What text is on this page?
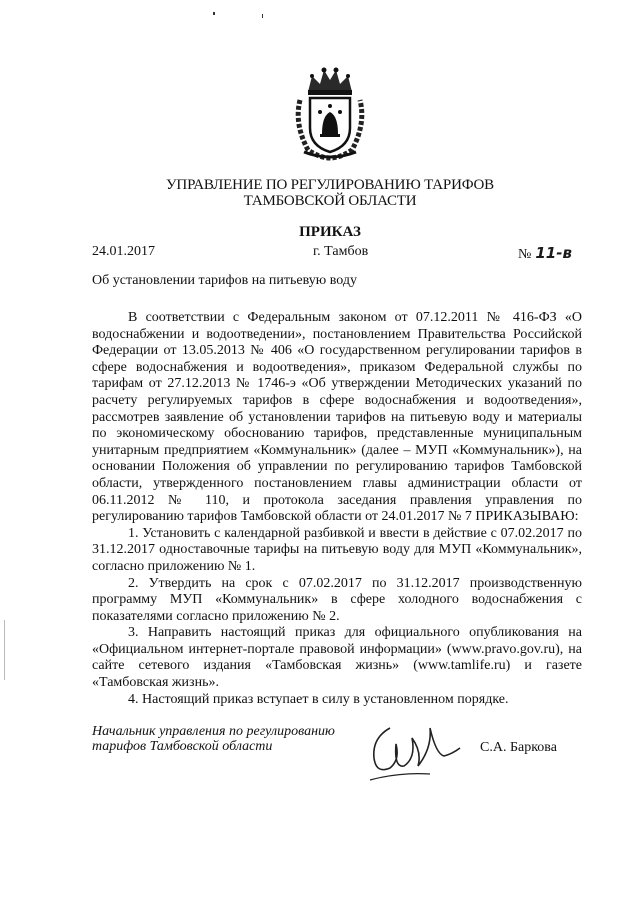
УПРАВЛЕНИЕ ПО РЕГУЛИРОВАНИЮ ТАРИФОВ
ТАМБОВСКОЙ ОБЛАСТИ
ПРИКАЗ
24.01.2017	г. Тамбов	№ 11-в
Об установлении тарифов на питьевую воду

В соответствии с Федеральным законом от 07.12.2011 № 416-ФЗ «О водоснабжении и водоотведении», постановлением Правительства Российской Федерации от 13.05.2013 № 406 «О государственном регулировании тарифов в сфере водоснабжения и водоотведения», приказом Федеральной службы по тарифам от 27.12.2013 № 1746-э «Об утверждении Методических указаний по расчету регулируемых тарифов в сфере водоснабжения и водоотведения», рассмотрев заявление об установлении тарифов на питьевую воду и материалы по экономическому обоснованию тарифов, представленные муниципальным унитарным предприятием «Коммунальник» (далее – МУП «Коммунальник»), на основании Положения об управлении по регулированию тарифов Тамбовской области, утвержденного постановлением главы администрации области от 06.11.2012 № 110, и протокола заседания правления управления по регулированию тарифов Тамбовской области от 24.01.2017 № 7 ПРИКАЗЫВАЮ:

1. Установить с календарной разбивкой и ввести в действие с 07.02.2017 по 31.12.2017 одноставочные тарифы на питьевую воду для МУП «Коммунальник», согласно приложению № 1.

2. Утвердить на срок с 07.02.2017 по 31.12.2017 производственную программу МУП «Коммунальник» в сфере холодного водоснабжения с показателями согласно приложению № 2.

3. Направить настоящий приказ для официального опубликования на «Официальном интернет-портале правовой информации» (www.pravo.gov.ru), на сайте сетевого издания «Тамбовская жизнь» (www.tamlife.ru) и газете «Тамбовская жизнь».

4. Настоящий приказ вступает в силу в установленном порядке.

Начальник управления по регулированию
тарифов Тамбовской области	С.А. Баркова
